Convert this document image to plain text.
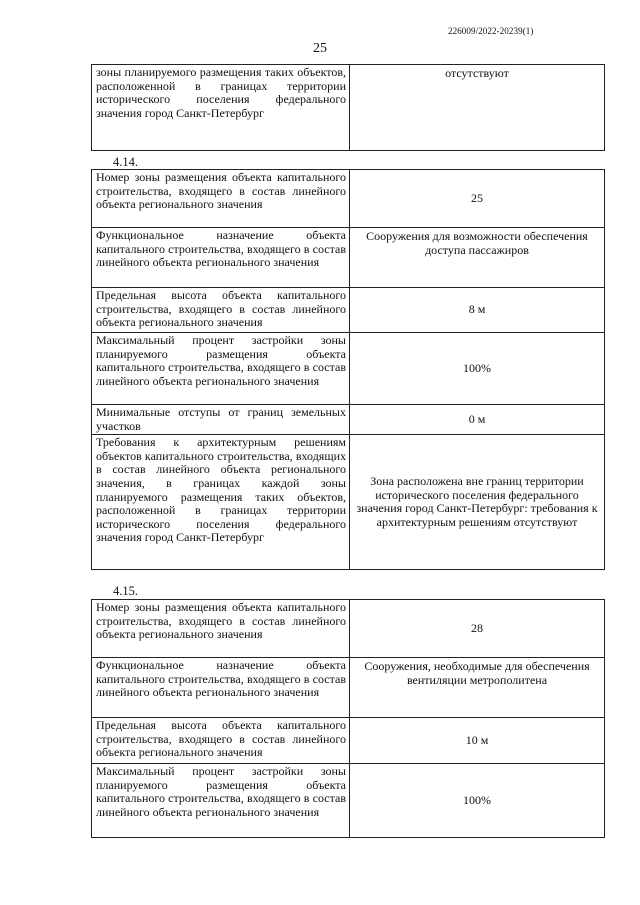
226009/2022-20239(1)
25
зоны планируемого размещения таких объектов, расположенной в границах территории исторического поселения федерального значения город Санкт-Петербург	отсутствуют
4.14.
Номер зоны размещения объекта капитального строительства, входящего в состав линейного объекта регионального значения	25
Функциональное назначение объекта капитального строительства, входящего в состав линейного объекта регионального значения	Сооружения для возможности обеспечения доступа пассажиров
Предельная высота объекта капитального строительства, входящего в состав линейного объекта регионального значения	8 м
Максимальный процент застройки зоны планируемого размещения объекта капитального строительства, входящего в состав линейного объекта регионального значения	100%
Минимальные отступы от границ земельных участков	0 м
Требования к архитектурным решениям объектов капитального строительства, входящих в состав линейного объекта регионального значения, в границах каждой зоны планируемого размещения таких объектов, расположенной в границах территории исторического поселения федерального значения город Санкт-Петербург	Зона расположена вне границ территории исторического поселения федерального значения город Санкт-Петербург: требования к архитектурным решениям отсутствуют
4.15.
Номер зоны размещения объекта капитального строительства, входящего в состав линейного объекта регионального значения	28
Функциональное назначение объекта капитального строительства, входящего в состав линейного объекта регионального значения	Сооружения, необходимые для обеспечения вентиляции метрополитена
Предельная высота объекта капитального строительства, входящего в состав линейного объекта регионального значения	10 м
Максимальный процент застройки зоны планируемого размещения объекта капитального строительства, входящего в состав линейного объекта регионального значения	100%
